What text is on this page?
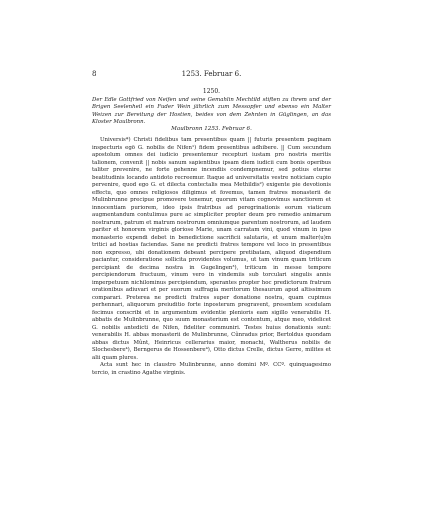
8	1253. Februar 6.
1250.
Der Edle Gottfried von Neifen und seine Gemahlin Mechtild stiften zu ihrem und der Brigen Seelenheil ein Fuder Wein jährlich zum Messopfer und ebenso ein Malter Weizen zur Bereitung der Hostien, beides von dem Zehnten in Güglingen, an das Kloster Maulbronn.
Maulbronn 1253. Februar 6.

Universis*) Christi fidelibus tam presentibus quam || futuris presentem paginam inspecturis egö G. nobilis de Nifen¹) fidem presentibus adhibere. || Cum secundum apostolum omnes dei iudicio presentemur recepturi iustam pro nostris meritis talionem, convenit || nobis sanum sapientibus ipsam diem iudicii cum bonis operibus taliter prevenire, ne forte gehenne incendiis condempnemur, sed potius eterne beatitudinis locando antidoto recreemur. Itaque ad universitatis vestre noticiam cupio pervenire, quod ego G. et dilecta contectalis mea Methildis²) exigente pie devotionis effectu, quo omnes religiosos diligimus et fovemus, tamen fratres monasterii de Mulinbrunne precipue promovere tenemur, quorum vitam cognovimus sanctiorem et innocentiam puriorem, ideo ipsis fratribus ad peregrinationis eorum viaticum augmentandum contulimus pure ac simpliciter propter deum pro remedio animarum nostrarum, patrum et matrum nostrorum omniumque parentum nostrorum, ad laudem pariter et honorem virginis gloriose Marie, unam carratam vini, quod vinum in ipso monasterio expendi debet in benedictione sacrificii salutaris, et unum malter(u)m tritici ad hostias faciendas. Sane ne predicti fratres tempore vel loco in presentibus non expresso, ubi donationem debeant percipere pretibatam, aliquod dispendium paciantur, consideratione sollicita providentes volumus, ut tam vinum quam triticum percipiant de decima nostra in Gugelingen³), triticum in messe tempore percipiendorum fructuum, vinum vero in vindemiis sub torculari singulis annis imperpetuum nichilominus percipiendum, sperantes propter hoc predictorum fratrum orationibus adiuvari et per suorum suffragia meritorum thesaurum apud altissimum comparari. Preterea ne predicti fratres super donatione nostra, quam cupimus perhennari, aliquorum preiuditio forte inposterum pregravent, presentem scedulam fecimus conscribi et in argumentum evidentie plenioris eam sigillo venerabilis H. abbatis de Mulinbrunne, quo suum monasterium est contentum, atque meo, videlicet G. nobilis antedicti de Nifen, fideliter communiri. Testes huius donationis sunt: venerabilis H. abbas monasterii de Mulinbrunne, Cûnradus prior, Bertoldus quondam abbas dictus Mûnt, Heinricus cellerarius maior, monachi, Waltherus nobilis de Slochesbere⁴), Berngerus de Hossenbere⁴), Otto dictus Crelle, dictus Gerre, milites et alii quam plures.

Acta sunt hec in claustro Mulinbrunne, anno domini Mº. CCº. quinquagesimo tercio, in crastino Agathe virginis.
